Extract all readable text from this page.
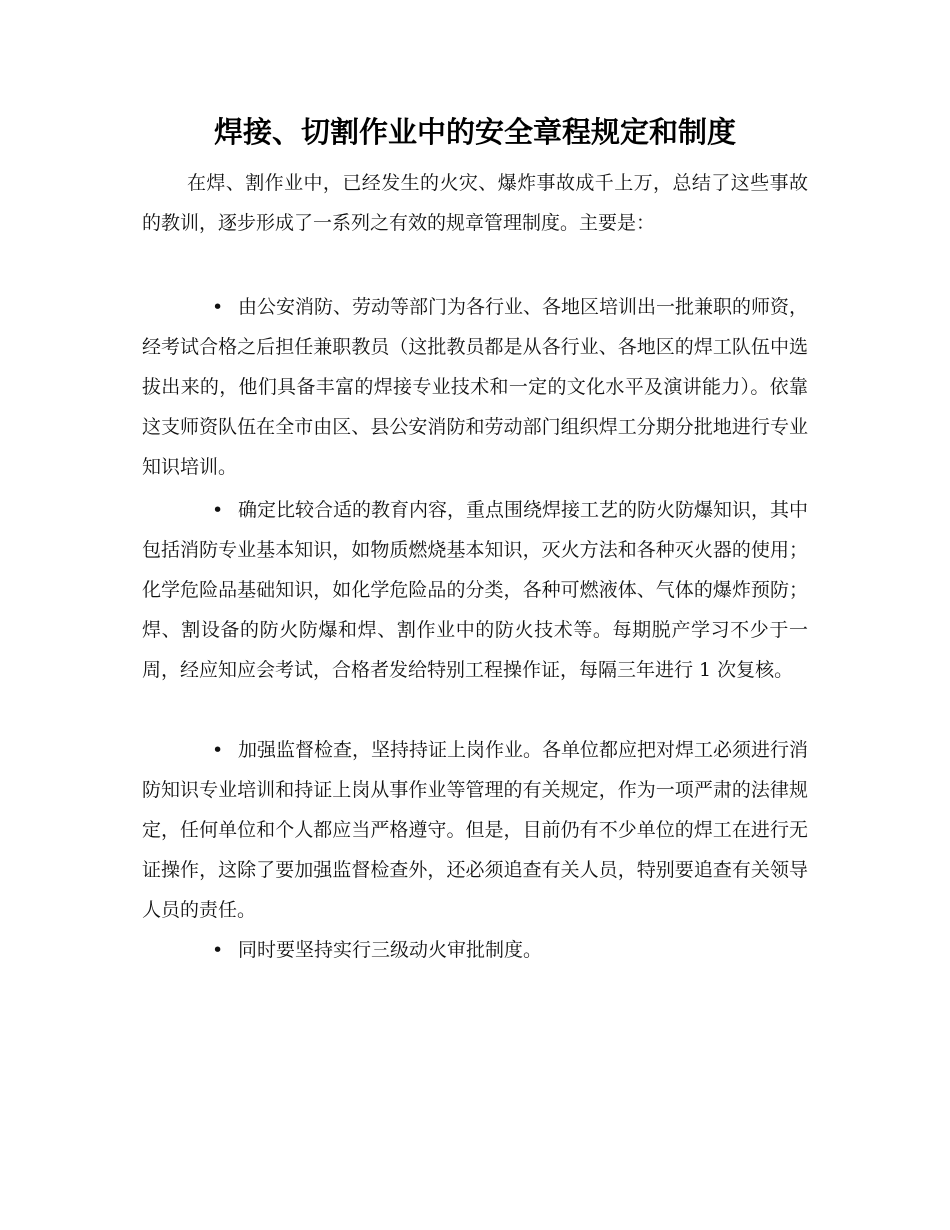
焊接、切割作业中的安全章程规定和制度

在焊、割作业中，已经发生的火灾、爆炸事故成千上万，总结了这些事故的教训，逐步形成了一系列之有效的规章管理制度。主要是：

• 由公安消防、劳动等部门为各行业、各地区培训出一批兼职的师资，经考试合格之后担任兼职教员（这批教员都是从各行业、各地区的焊工队伍中选拔出来的，他们具备丰富的焊接专业技术和一定的文化水平及演讲能力）。依靠这支师资队伍在全市由区、县公安消防和劳动部门组织焊工分期分批地进行专业知识培训。

• 确定比较合适的教育内容，重点围绕焊接工艺的防火防爆知识，其中包括消防专业基本知识，如物质燃烧基本知识，灭火方法和各种灭火器的使用；化学危险品基础知识，如化学危险品的分类，各种可燃液体、气体的爆炸预防；焊、割设备的防火防爆和焊、割作业中的防火技术等。每期脱产学习不少于一周，经应知应会考试，合格者发给特别工程操作证，每隔三年进行 1 次复核。

• 加强监督检查，坚持持证上岗作业。各单位都应把对焊工必须进行消防知识专业培训和持证上岗从事作业等管理的有关规定，作为一项严肃的法律规定，任何单位和个人都应当严格遵守。但是，目前仍有不少单位的焊工在进行无证操作，这除了要加强监督检查外，还必须追查有关人员，特别要追查有关领导人员的责任。

• 同时要坚持实行三级动火审批制度。
